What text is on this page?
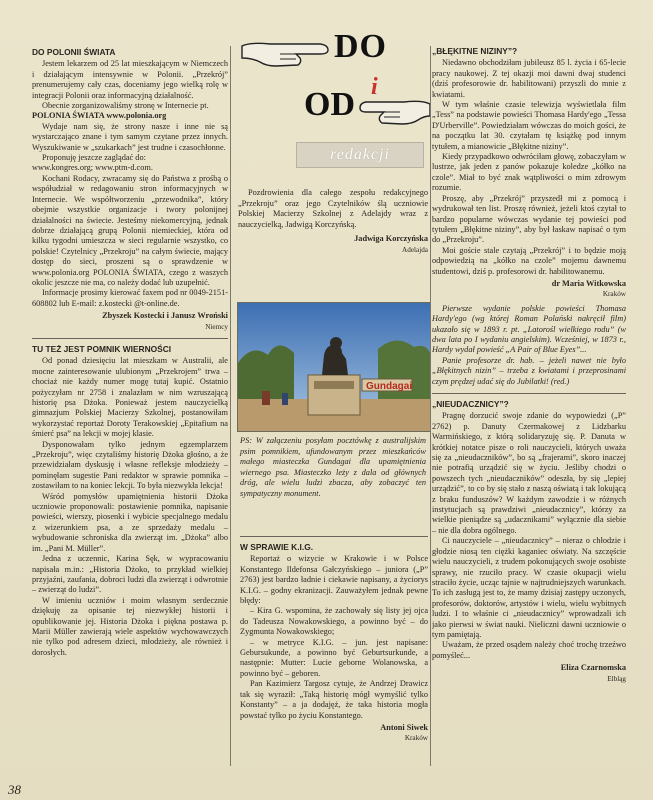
DO POLONII ŚWIATA

Jestem lekarzem od 25 lat mieszkającym w Niemczech i działającym intensywnie w Polonii. „Przekrój” prenumerujemy cały czas, doceniamy jego wielką rolę w integracji Polonii oraz informacyjną działalność.

Obecnie zorganizowaliśmy stronę w Internecie pt.
POLONIA ŚWIATA www.polonia.org

Wydaje nam się, że strony nasze i inne nie są wystarczająco znane i tym samym czytane przez innych. Wyszukiwanie w „szukarkach” jest trudne i czasochłonne.

Proponuję jeszcze zaglądać do:

www.kongres.org; www.ptm-d.com.

Kochani Rodacy, zwracamy się do Państwa z prośbą o współudział w redagowaniu stron informacyjnych w Internecie. We współtworzeniu „przewodnika”, który obejmie wszystkie organizacje i twory polonijnej działalności na świecie. Jesteśmy niekomercyjną, jednak dobrze działającą grupą Polonii niemieckiej, która od kilku tygodni umieszcza w sieci regularnie wszystko, co polskie! Czytelnicy „Przekroju” na całym świecie, mający dostęp do sieci, proszeni są o sprawdzenie w www.polonia.org POLONIA ŚWIATA, czego z waszych okolic jeszcze nie ma, co należy dodać lub uzupełnić.

Informacje prosimy kierować faxem pod nr 0049-2151-608802 lub E-mail: z.kostecki @t-online.de.

Zbyszek Kostecki i Janusz Wroński
Niemcy
TU TEŻ JEST POMNIK WIERNOŚCI

Od ponad dziesięciu lat mieszkam w Australii, ale mocne zainteresowanie ulubionym „Przekrojem” trwa – chociaż nie każdy numer mogę tutaj kupić. Ostatnio pożyczyłam nr 2758 i znalazłam w nim wzruszającą historię psa Dżoka. Ponieważ jestem nauczycielką gimnazjum Polskiej Macierzy Szkolnej, postanowiłam wykorzystać reportaż Doroty Terakowskiej „Epitafium na śmierć psa” na lekcji w mojej klasie.

Dysponowałam tylko jednym egzemplarzem „Przekroju”, więc czytaliśmy historię Dżoka głośno, a że przewidziałam dyskusję i własne refleksje młodzieży – pominęłam sugestie Pani redaktor w sprawie pomnika – zostawiłam to na koniec lekcji. To była niezwykła lekcja!

Wśród pomysłów upamiętnienia historii Dżoka uczniowie proponowali: postawienie pomnika, napisanie powieści, wierszy, piosenki i wybicie specjalnego medalu z wizerunkiem psa, a ze sprzedaży medalu – wybudowanie schroniska dla zwierząt im. „Dżoka” albo im. „Pani M. Müller”.

Jedna z uczennic, Karina Sęk, w wypracowaniu napisała m.in.: „Historia Dżoko, to przykład wielkiej przyjaźni, zaufania, dobroci ludzi dla zwierząt i odwrotnie – zwierząt do ludzi”.

W imieniu uczniów i moim własnym serdecznie dziękuję za opisanie tej niezwykłej historii i opublikowanie jej. Historia Dżoka i piękna postawa p. Marii Müller zawierają wiele aspektów wychowawczych nie tylko pod adresem dzieci, młodzieży, ale również i dorosłych.

DO
i
OD
redakcji

Pozdrowienia dla całego zespołu redakcyjnego „Przekroju” oraz jego Czytelników ślą uczniowie Polskiej Macierzy Szkolnej z Adelajdy wraz z nauczycielką, Jadwigą Korczyńską.

Jadwiga Korczyńska
Adelajda
Gundagai
PS: W załączeniu posyłam pocztówkę z australijskim psim pomnikiem, ufundowanym przez mieszkańców małego miasteczka Gundagai dla upamiętnienia wiernego psa. Miasteczko leży z dala od głównych dróg, ale wielu ludzi zbacza, aby zobaczyć ten sympatyczny monument.
W SPRAWIE K.I.G.

Reportaż o wizycie w Krakowie i w Polsce Konstantego Ildefonsa Gałczyńskiego – juniora („P” 2763) jest bardzo ładnie i ciekawie napisany, a życiorys K.I.G. – godny ekranizacji. Zauważyłem jednak pewne błędy:

– Kira G. wspomina, że zachowały się listy jej ojca do Tadeusza Nowakowskiego, a powinno być – do Zygmunta Nowakowskiego;

– w metryce K.I.G. – jun. jest napisane: Gebursukunde, a powinno być Geburtsurkunde, a następnie: Mutter: Lucie geborne Wolanowska, a powinno być – geboren.

Pan Kazimierz Targosz cytuje, że Andrzej Drawicz tak się wyraził: „Taką historię mógł wymyślić tylko Konstanty” – a ja dodajęż, że taka historia mogła powstać tylko po życiu Konstantego.

Antoni Siwek
Kraków
„BŁĘKITNE NIZINY”?

Niedawno obchodziłam jubileusz 85 l. życia i 65-lecie pracy naukowej. Z tej okazji moi dawni dwaj studenci (dziś profesorowie dr. habilitowani) przyszli do mnie z kwiatami.

W tym właśnie czasie telewizja wyświetlała film „Tess” na podstawie powieści Thomasa Hardy'ego „Tessa D'Urberville”. Powiedziałam wówczas do moich gości, że na początku lat 30. czytałam tę książkę pod innym tytułem, a mianowicie „Błękitne niziny”.

Kiedy przypadkowo odwróciłam głowę, zobaczyłam w lustrze, jak jeden z panów pokazuje koledze „kółko na czole”. Miał to być znak wątpliwości o mim zdrowym rozumie.

Proszę, aby „Przekrój” przyszedł mi z pomocą i wydrukował ten list. Proszę również, jeżeli ktoś czytał to bardzo popularne wówczas wydanie tej powieści pod tytułem „Błękitne niziny”, aby był łaskaw napisać o tym do „Przekroju”.

Moi goście stale czytają „Przekrój” i to będzie moją odpowiedzią na „kółko na czole” mojemu dawnemu studentowi, dziś p. profesorowi dr. habilitowanemu.

dr Maria Witkowska
Kraków

Pierwsze wydanie polskie powieści Thomasa Hardy'ego (wg której Roman Polański nakręcił film) ukazało się w 1893 r. pt. „Latorośl wielkiego rodu” (w dwa lata po I wydaniu angielskim). Wcześniej, w 1873 r., Hardy wydał powieść „A Pair of Blue Eyes”...

Panie profesorze dr. hab. – jeżeli nawet nie było „Błękitnych nizin” – trzeba z kwiatami i przeprosinami czym prędzej udać się do Jubilatki! (red.)

„NIEUDACZNICY”?

Pragnę dorzucić swoje zdanie do wypowiedzi („P” 2762) p. Danuty Czermakowej z Lidzbarku Warmińskiego, z którą solidaryzuję się. P. Danuta w krótkiej notatce pisze o roli nauczycieli, których uważa się za „nieudaczników”, bo są „frajerami”, skoro inaczej nie potrafią urządzić się w życiu. Jeśliby chodzi o powszech tych „nieudaczników” odeszła, by się „lepiej urządzić”, to co by się stało z naszą oświatą i tak lokującą z braku funduszów? W każdym zawodzie i w różnych instytucjach są prawdziwi „nieudacznicy”, którzy za wielkie pieniądze są „udacznikami” wyłącznie dla siebie – nie dla dobra ogólnego.

Ci nauczyciele – „nieudacznicy” – nieraz o chłodzie i głodzie niosą ten ciężki kaganiec oświaty. Na szczęście wielu nauczycieli, z trudem pokonujących swoje osobiste sprawy, nie rzuciło pracy. W czasie okupacji wielu straciło życie, ucząc tajnie w najtrudniejszych warunkach. To ich zasługą jest to, że mamy dzisiaj zastępy uczonych, profesorów, doktorów, artystów i wielu, wielu wybitnych ludzi. I to właśnie ci „nieudacznicy” wprowadzali ich jako pierwsi w świat nauki. Nieliczni dawni uczniowie o tym pamiętają.

Uważam, że przed osądem należy choć trochę trzeźwo pomyśleć...

Eliza Czarnomska
Elbląg
38
